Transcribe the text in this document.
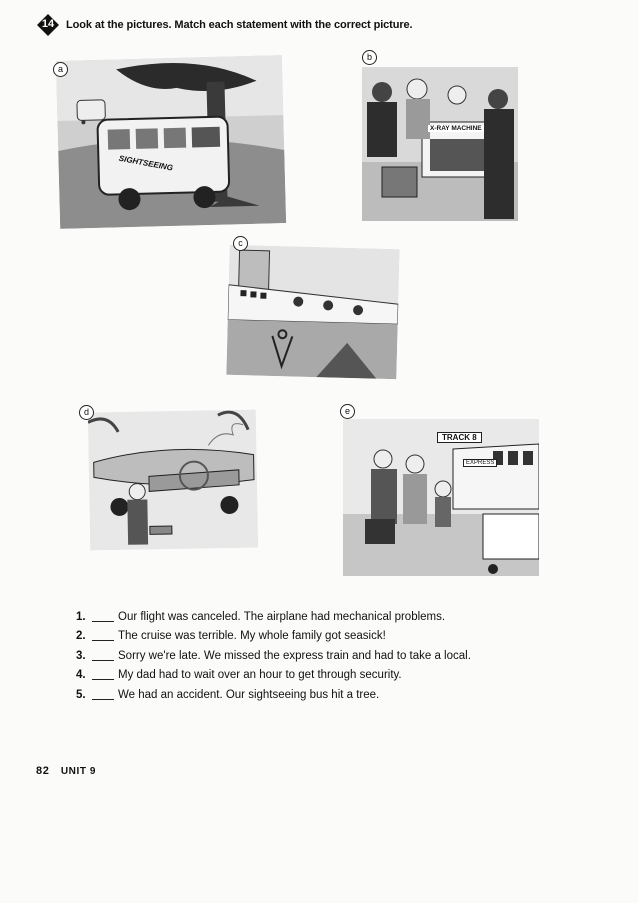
14	Look at the pictures. Match each statement with the correct picture.
SIGHTSEEING
a
X-RAY MACHINE
b
c
d
TRACK 8
EXPRESS
e
1.	Our flight was canceled. The airplane had mechanical problems.
2.	The cruise was terrible. My whole family got seasick!
3.	Sorry we're late. We missed the express train and had to take a local.
4.	My dad had to wait over an hour to get through security.
5.	We had an accident. Our sightseeing bus hit a tree.
82 UNIT 9
